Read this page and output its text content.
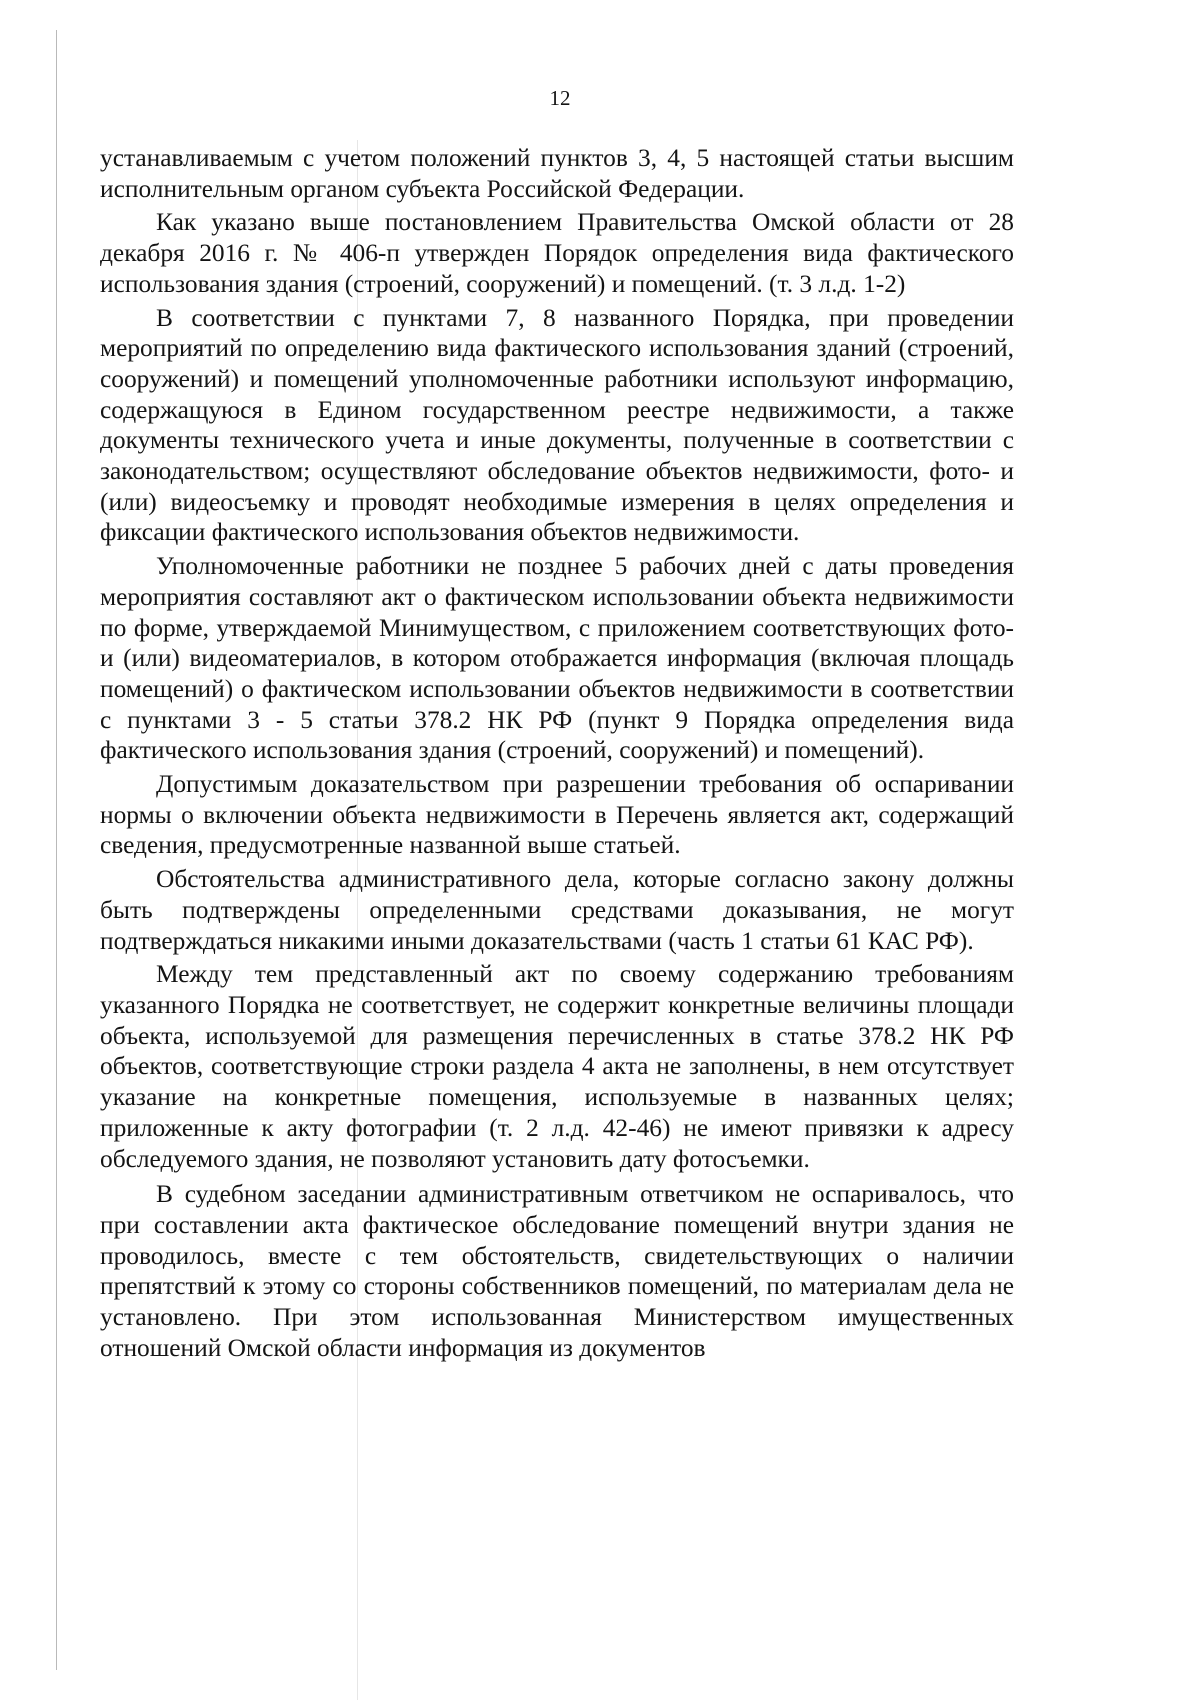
12

устанавливаемым с учетом положений пунктов 3, 4, 5 настоящей статьи высшим исполнительным органом субъекта Российской Федерации.

Как указано выше постановлением Правительства Омской области от 28 декабря 2016 г. № 406-п утвержден Порядок определения вида фактического использования здания (строений, сооружений) и помещений. (т. 3 л.д. 1-2)

В соответствии с пунктами 7, 8 названного Порядка, при проведении мероприятий по определению вида фактического использования зданий (строений, сооружений) и помещений уполномоченные работники используют информацию, содержащуюся в Едином государственном реестре недвижимости, а также документы технического учета и иные документы, полученные в соответствии с законодательством; осуществляют обследование объектов недвижимости, фото- и (или) видеосъемку и проводят необходимые измерения в целях определения и фиксации фактического использования объектов недвижимости.

Уполномоченные работники не позднее 5 рабочих дней с даты проведения мероприятия составляют акт о фактическом использовании объекта недвижимости по форме, утверждаемой Минимуществом, с приложением соответствующих фото- и (или) видеоматериалов, в котором отображается информация (включая площадь помещений) о фактическом использовании объектов недвижимости в соответствии с пунктами 3 - 5 статьи 378.2 НК РФ (пункт 9 Порядка определения вида фактического использования здания (строений, сооружений) и помещений).

Допустимым доказательством при разрешении требования об оспаривании нормы о включении объекта недвижимости в Перечень является акт, содержащий сведения, предусмотренные названной выше статьей.

Обстоятельства административного дела, которые согласно закону должны быть подтверждены определенными средствами доказывания, не могут подтверждаться никакими иными доказательствами (часть 1 статьи 61 КАС РФ).

Между тем представленный акт по своему содержанию требованиям указанного Порядка не соответствует, не содержит конкретные величины площади объекта, используемой для размещения перечисленных в статье 378.2 НК РФ объектов, соответствующие строки раздела 4 акта не заполнены, в нем отсутствует указание на конкретные помещения, используемые в названных целях; приложенные к акту фотографии (т. 2 л.д. 42-46) не имеют привязки к адресу обследуемого здания, не позволяют установить дату фотосъемки.

В судебном заседании административным ответчиком не оспаривалось, что при составлении акта фактическое обследование помещений внутри здания не проводилось, вместе с тем обстоятельств, свидетельствующих о наличии препятствий к этому со стороны собственников помещений, по материалам дела не установлено. При этом использованная Министерством имущественных отношений Омской области информация из документов
